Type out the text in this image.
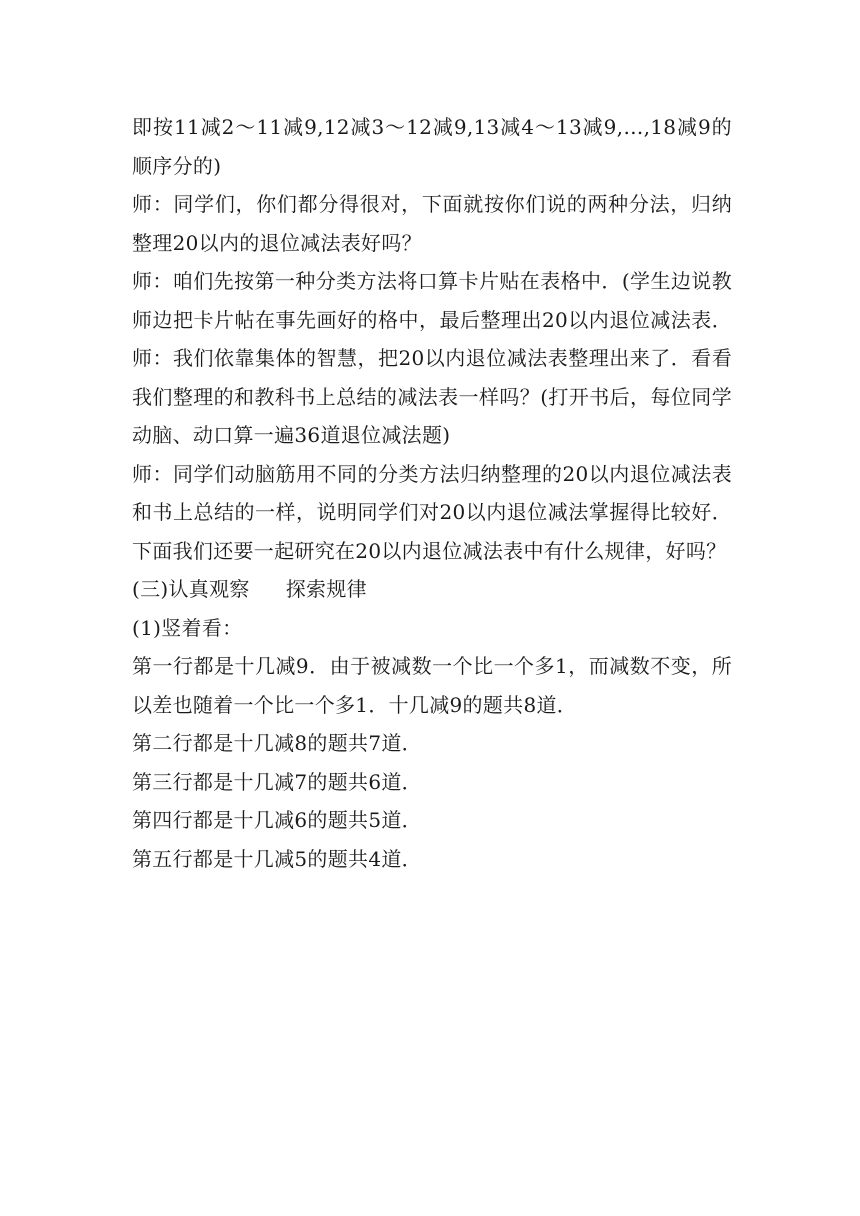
即按11减2～11减9,12减3～12减9,13减4～13减9,…,18减9的顺序分的)

师：同学们，你们都分得很对，下面就按你们说的两种分法，归纳整理20以内的退位减法表好吗？

师：咱们先按第一种分类方法将口算卡片贴在表格中．(学生边说教师边把卡片帖在事先画好的格中，最后整理出20以内退位减法表．师：我们依靠集体的智慧，把20以内退位减法表整理出来了．看看我们整理的和教科书上总结的减法表一样吗？(打开书后，每位同学动脑、动口算一遍36道退位减法题)

师：同学们动脑筋用不同的分类方法归纳整理的20以内退位减法表和书上总结的一样，说明同学们对20以内退位减法掌握得比较好．下面我们还要一起研究在20以内退位减法表中有什么规律，好吗？

(三)认真观察 探索规律

(1)竖着看：

第一行都是十几减9．由于被减数一个比一个多1，而减数不变，所以差也随着一个比一个多1．十几减9的题共8道．

第二行都是十几减8的题共7道．

第三行都是十几减7的题共6道．

第四行都是十几减6的题共5道．

第五行都是十几减5的题共4道．
